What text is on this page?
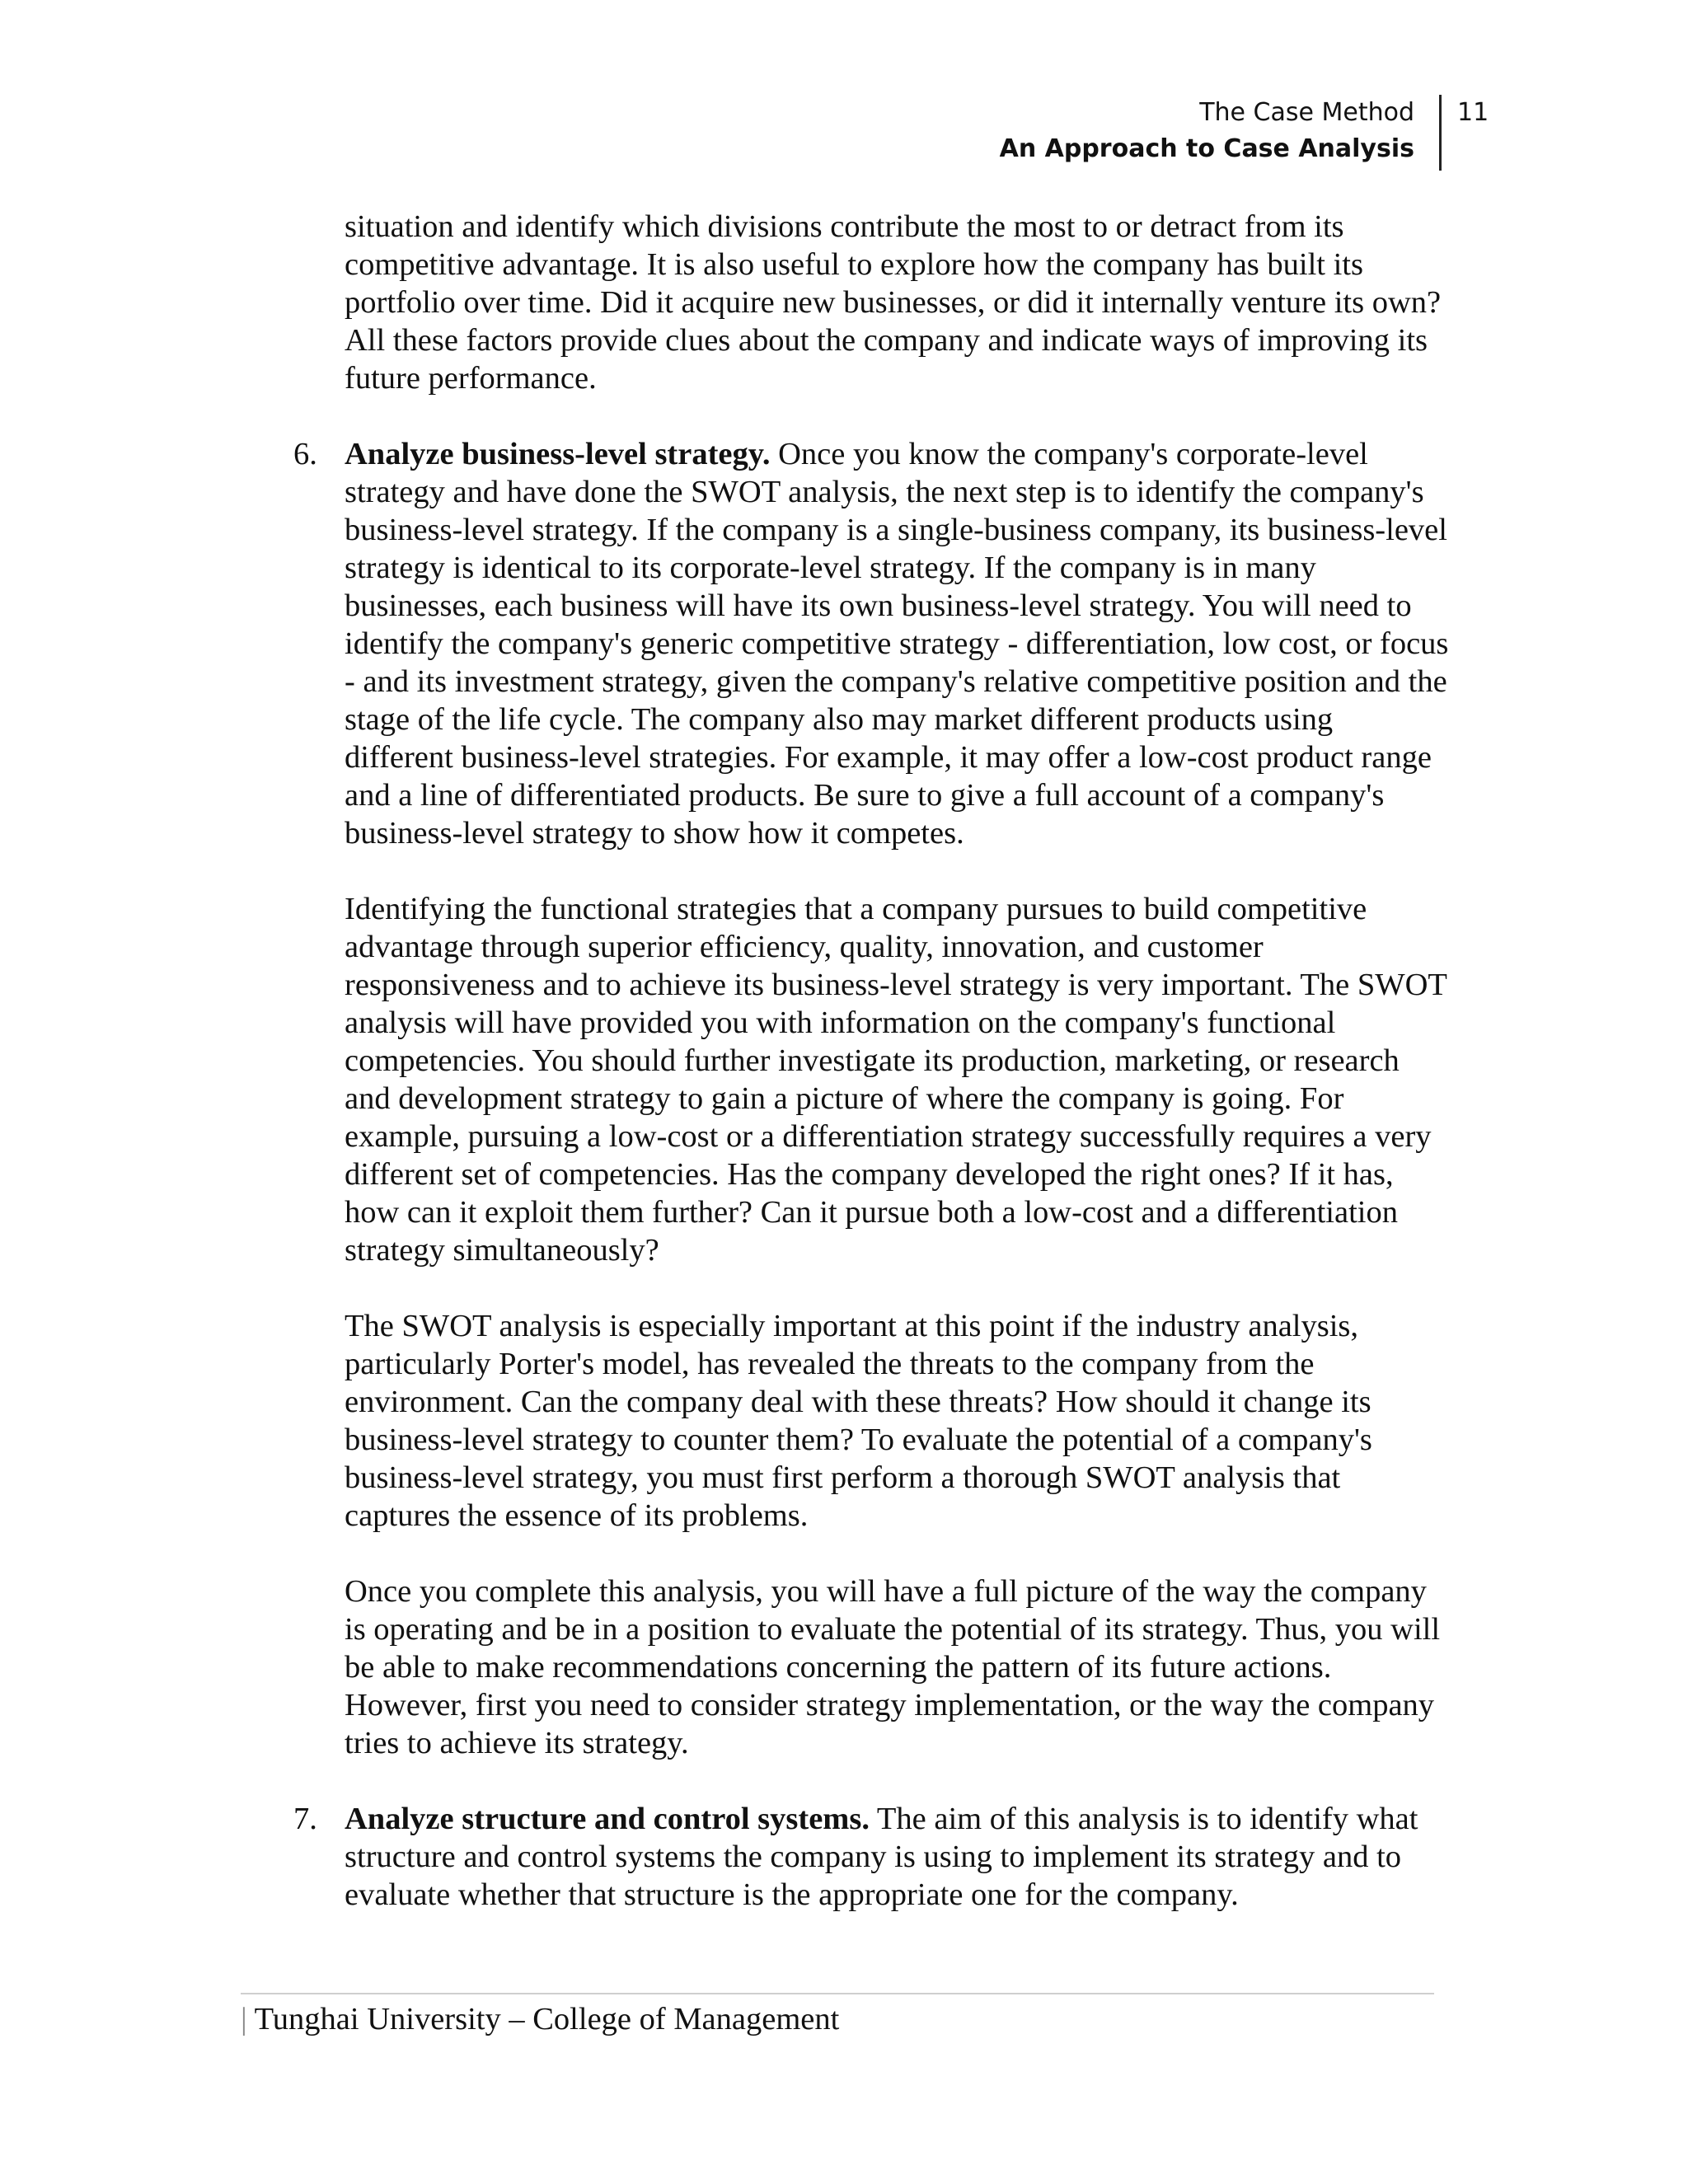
The Case Method
An Approach to Case Analysis
11

situation and identify which divisions contribute the most to or detract from its competitive advantage. It is also useful to explore how the company has built its portfolio over time. Did it acquire new businesses, or did it internally venture its own? All these factors provide clues about the company and indicate ways of improving its future performance.

6. Analyze business-level strategy. Once you know the company's corporate-level strategy and have done the SWOT analysis, the next step is to identify the company's business-level strategy. If the company is a single-business company, its business-level strategy is identical to its corporate-level strategy. If the company is in many businesses, each business will have its own business-level strategy. You will need to identify the company's generic competitive strategy - differentiation, low cost, or focus - and its investment strategy, given the company's relative competitive position and the stage of the life cycle. The company also may market different products using different business-level strategies. For example, it may offer a low-cost product range and a line of differentiated products. Be sure to give a full account of a company's business-level strategy to show how it competes.

Identifying the functional strategies that a company pursues to build competitive advantage through superior efficiency, quality, innovation, and customer responsiveness and to achieve its business-level strategy is very important. The SWOT analysis will have provided you with information on the company's functional competencies. You should further investigate its production, marketing, or research and development strategy to gain a picture of where the company is going. For example, pursuing a low-cost or a differentiation strategy successfully requires a very different set of competencies. Has the company developed the right ones? If it has, how can it exploit them further? Can it pursue both a low-cost and a differentiation strategy simultaneously?

The SWOT analysis is especially important at this point if the industry analysis, particularly Porter's model, has revealed the threats to the company from the environment. Can the company deal with these threats? How should it change its business-level strategy to counter them? To evaluate the potential of a company's business-level strategy, you must first perform a thorough SWOT analysis that captures the essence of its problems.

Once you complete this analysis, you will have a full picture of the way the company is operating and be in a position to evaluate the potential of its strategy. Thus, you will be able to make recommendations concerning the pattern of its future actions. However, first you need to consider strategy implementation, or the way the company tries to achieve its strategy.

7. Analyze structure and control systems. The aim of this analysis is to identify what structure and control systems the company is using to implement its strategy and to evaluate whether that structure is the appropriate one for the company.
| Tunghai University – College of Management
